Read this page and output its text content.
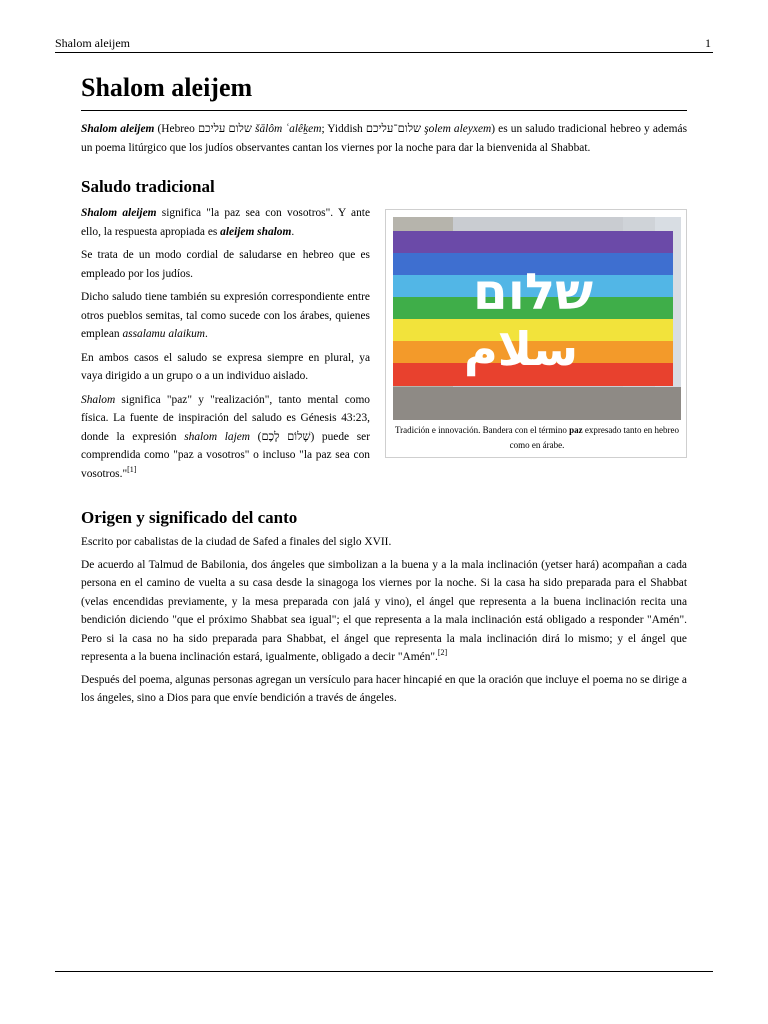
Shalom aleijem	1
Shalom aleijem

Shalom aleijem (Hebreo שלום עליכם šālôm ʿalêḵem; Yiddish שלום־עליכם şolem aleyxem) es un saludo tradicional hebreo y además un poema litúrgico que los judíos observantes cantan los viernes por la noche para dar la bienvenida al Shabbat.

Saludo tradicional

Shalom aleijem significa "la paz sea con vosotros". Y ante ello, la respuesta apropiada es aleijem shalom.

Se trata de un modo cordial de saludarse en hebreo que es empleado por los judíos.

Dicho saludo tiene también su expresión correspondiente entre otros pueblos semitas, tal como sucede con los árabes, quienes emplean assalamu alaikum.

En ambos casos el saludo se expresa siempre en plural, ya vaya dirigido a un grupo o a un individuo aislado.

Shalom significa "paz" y "realización", tanto mental como física. La fuente de inspiración del saludo es Génesis 43:23, donde la expresión shalom lajem (שָׁלוֹם לָכֶם) puede ser comprendida como "paz a vosotros" o incluso "la paz sea con vosotros."[1]

שלום
سلام
Tradición e innovación. Bandera con el término paz expresado tanto en hebreo como en árabe.
Origen y significado del canto

Escrito por cabalistas de la ciudad de Safed a finales del siglo XVII.

De acuerdo al Talmud de Babilonia, dos ángeles que simbolizan a la buena y a la mala inclinación (yetser hará) acompañan a cada persona en el camino de vuelta a su casa desde la sinagoga los viernes por la noche. Si la casa ha sido preparada para el Shabbat (velas encendidas previamente, y la mesa preparada con jalá y vino), el ángel que representa a la buena inclinación recita una bendición diciendo "que el próximo Shabbat sea igual"; el que representa a la mala inclinación está obligado a responder "Amén". Pero si la casa no ha sido preparada para Shabbat, el ángel que representa la mala inclinación dirá lo mismo; y el ángel que representa a la buena inclinación estará, igualmente, obligado a decir "Amén".[2]

Después del poema, algunas personas agregan un versículo para hacer hincapié en que la oración que incluye el poema no se dirige a los ángeles, sino a Dios para que envíe bendición a través de ángeles.
